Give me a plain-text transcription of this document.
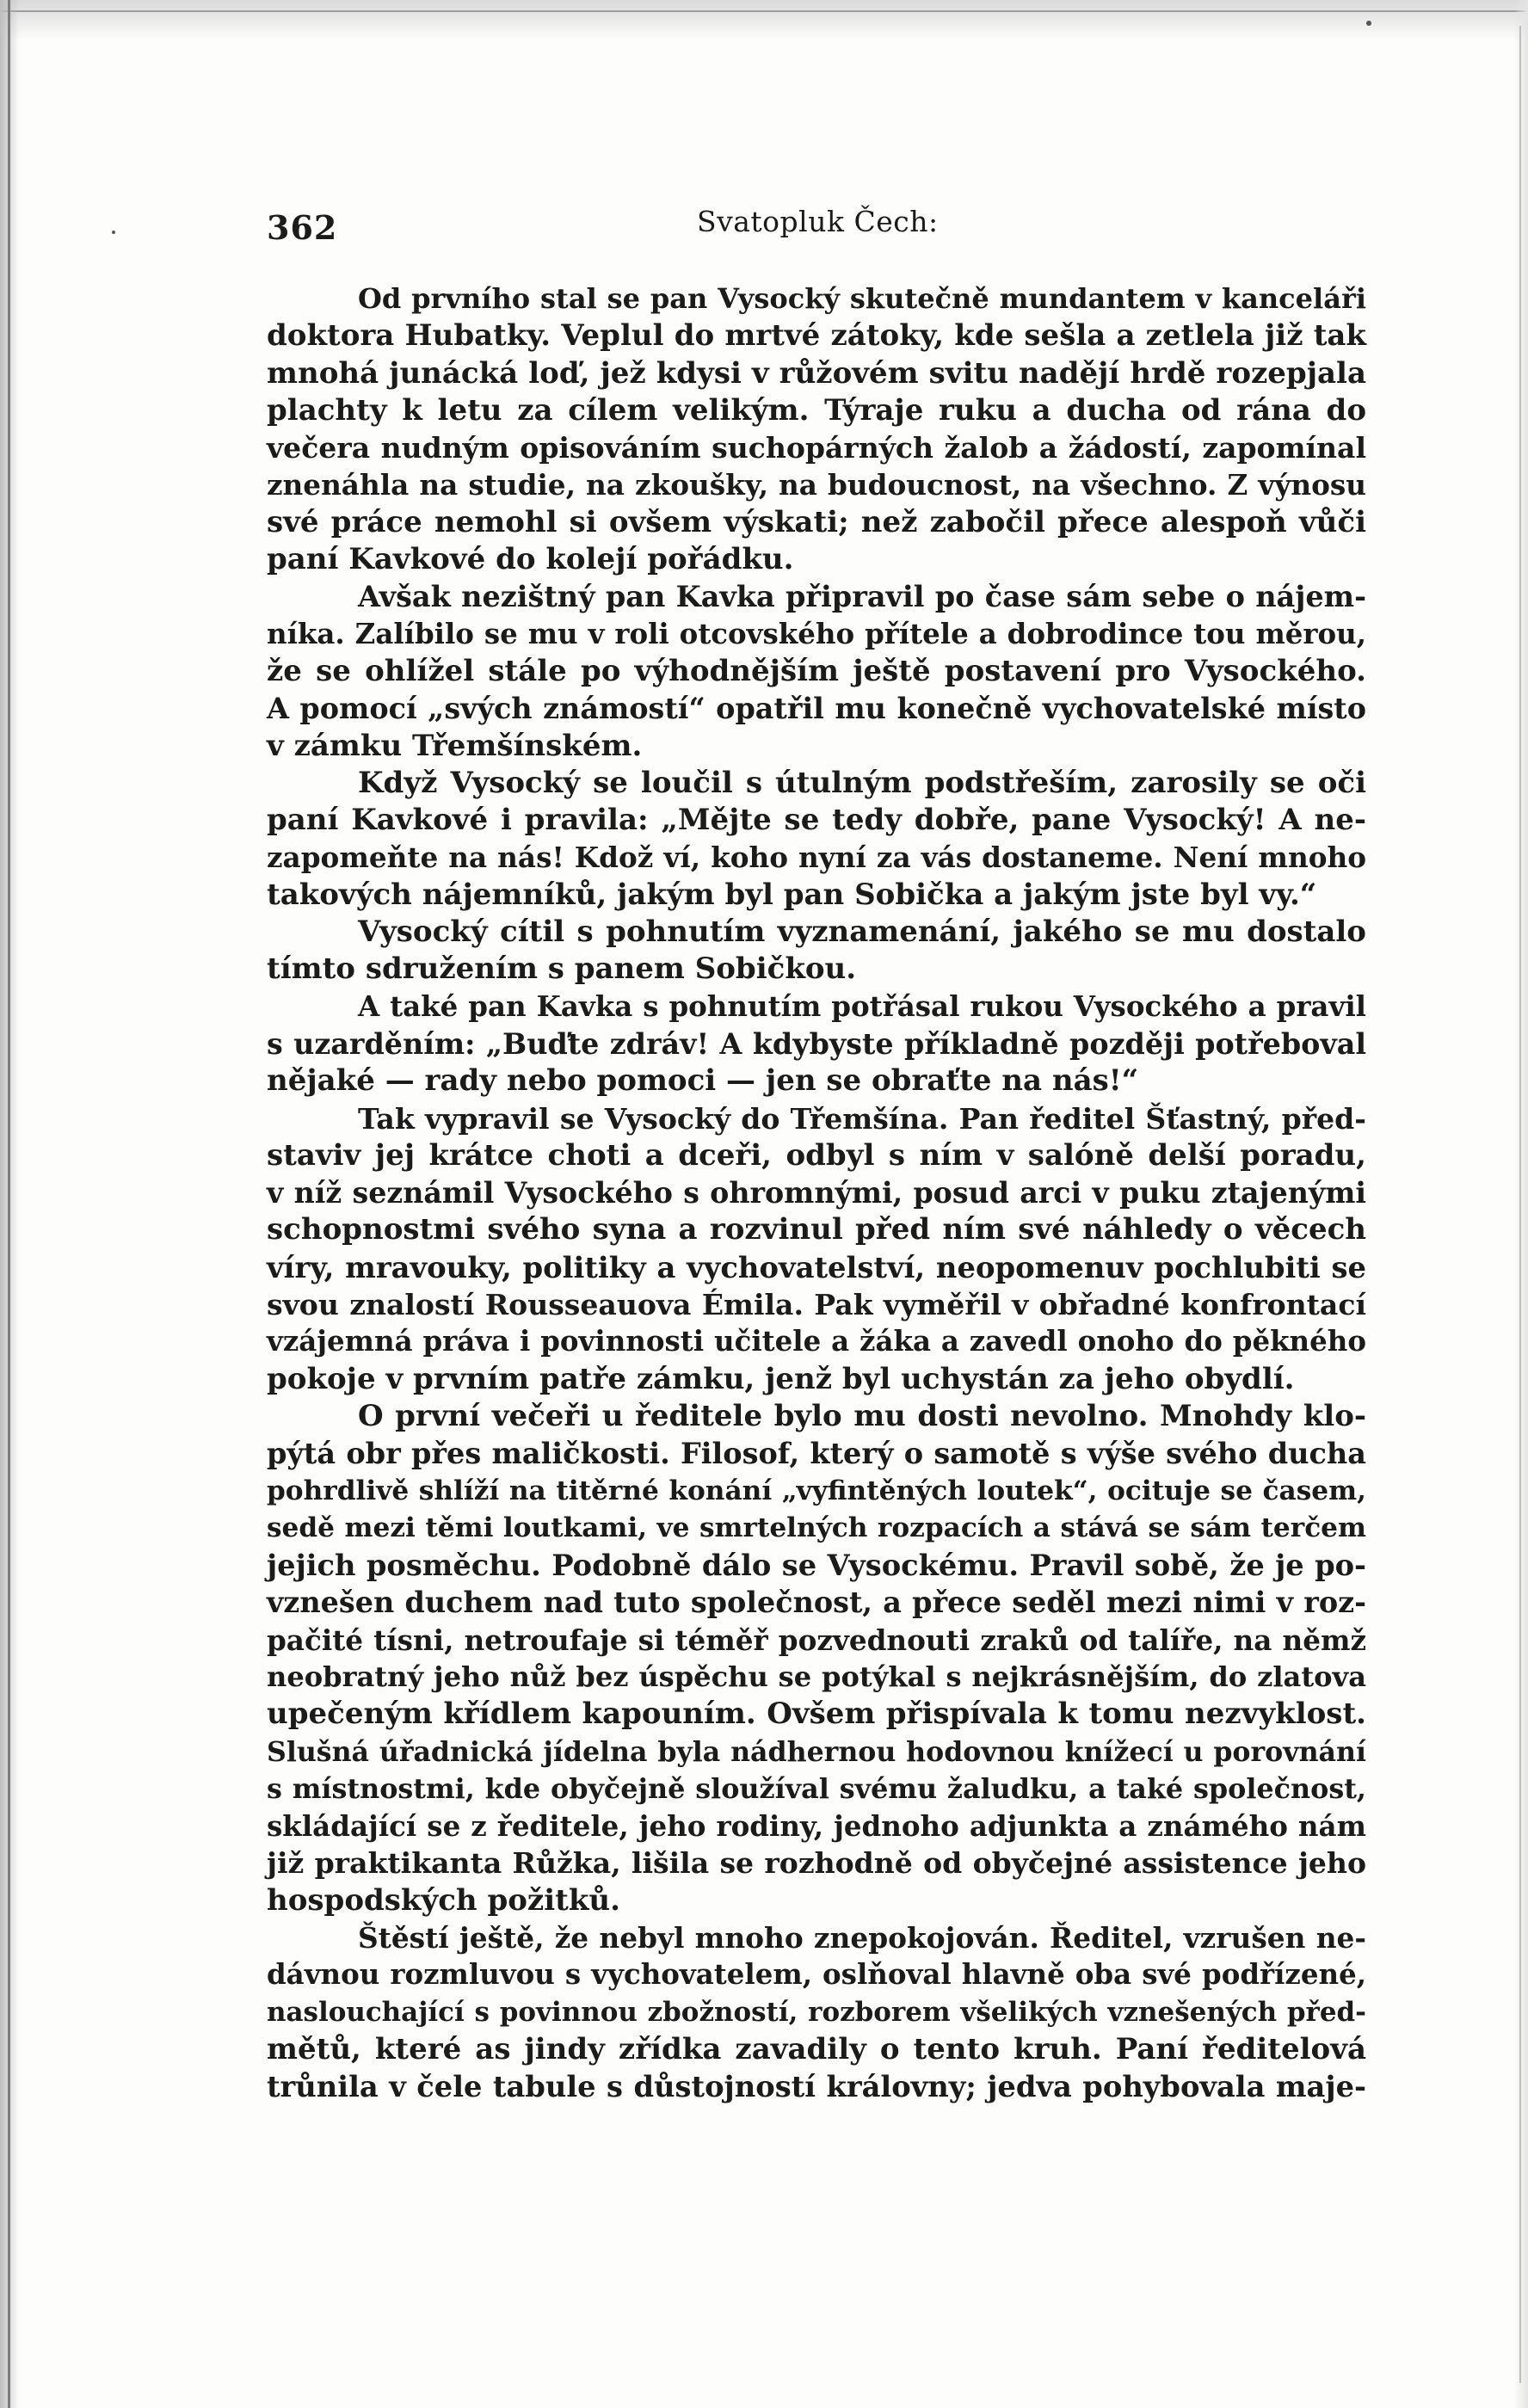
362	Svatopluk Čech:

Od prvního stal se pan Vysocký skutečně mundantem v kanceláři

doktora Hubatky. Veplul do mrtvé zátoky, kde sešla a zetlela již tak

mnohá junácká loď, jež kdysi v růžovém svitu nadějí hrdě rozepjala

plachty k letu za cílem velikým. Týraje ruku a ducha od rána do

večera nudným opisováním suchopárných žalob a žádostí, zapomínal

znenáhla na studie, na zkoušky, na budoucnost, na všechno. Z výnosu

své práce nemohl si ovšem výskati; než zabočil přece alespoň vůči

paní Kavkové do kolejí pořádku.

Avšak nezištný pan Kavka připravil po čase sám sebe o nájem-

níka. Zalíbilo se mu v roli otcovského přítele a dobrodince tou měrou,

že se ohlížel stále po výhodnějším ještě postavení pro Vysockého.

A pomocí „svých známostí“ opatřil mu konečně vychovatelské místo

v zámku Třemšínském.

Když Vysocký se loučil s útulným podstřeším, zarosily se oči

paní Kavkové i pravila: „Mějte se tedy dobře, pane Vysocký! A ne-

zapomeňte na nás! Kdož ví, koho nyní za vás dostaneme. Není mnoho

takových nájemníků, jakým byl pan Sobička a jakým jste byl vy.“

Vysocký cítil s pohnutím vyznamenání, jakého se mu dostalo

tímto sdružením s panem Sobičkou.

A také pan Kavka s pohnutím potřásal rukou Vysockého a pravil

s uzarděním: „Buďte zdráv! A kdybyste příkladně později potřeboval

nějaké — rady nebo pomoci — jen se obraťte na nás!“

Tak vypravil se Vysocký do Třemšína. Pan ředitel Šťastný, před-

staviv jej krátce choti a dceři, odbyl s ním v salóně delší poradu,

v níž seznámil Vysockého s ohromnými, posud arci v puku ztajenými

schopnostmi svého syna a rozvinul před ním své náhledy o věcech

víry, mravouky, politiky a vychovatelství, neopomenuv pochlubiti se

svou znalostí Rousseauova Émila. Pak vyměřil v obřadné konfrontací

vzájemná práva i povinnosti učitele a žáka a zavedl onoho do pěkného

pokoje v prvním patře zámku, jenž byl uchystán za jeho obydlí.

O první večeři u ředitele bylo mu dosti nevolno. Mnohdy klo-

pýtá obr přes maličkosti. Filosof, který o samotě s výše svého ducha

pohrdlivě shlíží na titěrné konání „vyfintěných loutek“, ocituje se časem,

sedě mezi těmi loutkami, ve smrtelných rozpacích a stává se sám terčem

jejich posměchu. Podobně dálo se Vysockému. Pravil sobě, že je po-

vznešen duchem nad tuto společnost, a přece seděl mezi nimi v roz-

pačité tísni, netroufaje si téměř pozvednouti zraků od talíře, na němž

neobratný jeho nůž bez úspěchu se potýkal s nejkrásnějším, do zlatova

upečeným křídlem kapouním. Ovšem přispívala k tomu nezvyklost.

Slušná úřadnická jídelna byla nádhernou hodovnou knížecí u porovnání

s místnostmi, kde obyčejně sloužíval svému žaludku, a také společnost,

skládající se z ředitele, jeho rodiny, jednoho adjunkta a známého nám

již praktikanta Růžka, lišila se rozhodně od obyčejné assistence jeho

hospodských požitků.

Štěstí ještě, že nebyl mnoho znepokojován. Ředitel, vzrušen ne-

dávnou rozmluvou s vychovatelem, oslňoval hlavně oba své podřízené,

naslouchající s povinnou zbožností, rozborem všelikých vznešených před-

mětů, které as jindy zřídka zavadily o tento kruh. Paní ředitelová

trůnila v čele tabule s důstojností královny; jedva pohybovala maje-
